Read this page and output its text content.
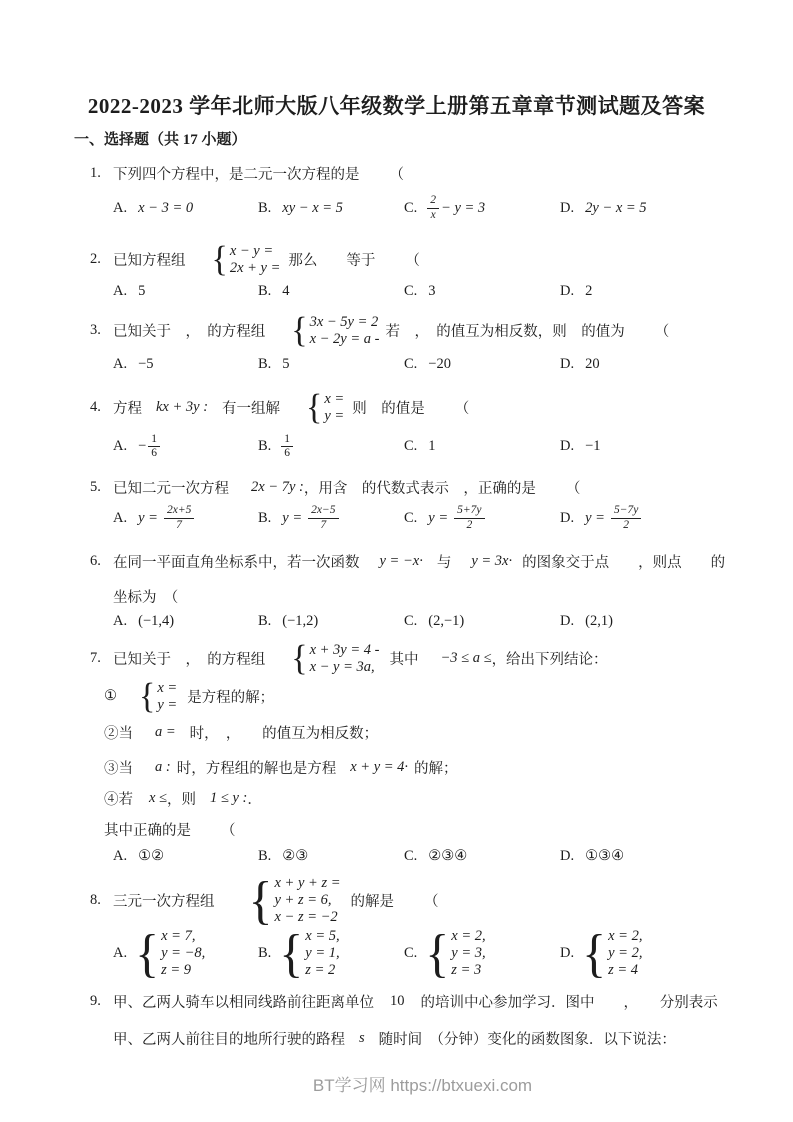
2022-2023 学年北师大版八年级数学上册第五章章节测试题及答案
一、选择题（共 17 小题）
1. 下列四个方程中，是二元一次方程的是 （
A. x − 3 = 0	B. xy − x = 5	C. $\frac{2}{x} - y = 3$	D. 2y − x = 5
2. 已知方程组 { x − y =
2x + y = 那么　　等于 （
A. 5	B. 4	C. 3	D. 2
3. 已知关于　，　的方程组 { 3x − 5y = 2
x − 2y = a - 若　，　的值互为相反数，则　的值为 （
A. −5	B. 5	C. −20	D. 20
4. 方程 kx + 3y : 有一组解 { x =
y = 则　的值是 （
A. − $\frac{1}{6}$	B. $\frac{1}{6}$	C. 1	D. −1
5. 已知二元一次方程 2x − 7y : ，用含　的代数式表示　，正确的是 （
A. $y = \frac{2x+5}{7}$	B. $y = \frac{2x-5}{7}$	C. $y = \frac{5+7y}{2}$	D. $y = \frac{5-7y}{2}$
6. 在同一平面直角坐标系中，若一次函数 y = −x· 与 y = 3x· 的图象交于点　　，则点　　的
坐标为　（
A. (−1,4)	B. (−1,2)	C. (2,−1)	D. (2,1)
7. 已知关于　，　的方程组 { x + 3y = 4 -
x − y = 3a,	其中 −3 ≤ a ≤ ，给出下列结论：
① { x =
y = 是方程的解；
②当 a = 时，　，　　的值互为相反数；
③当 a : 时，方程组的解也是方程 x + y = 4· 的解；
④若 x ≤ ，则 1 ≤ y : ．
其中正确的是 （
A. ①②	B. ②③	C. ②③④	D. ①③④
8. 三元一次方程组 { x + y + z =
y + z = 6,
x − z = −2
的解是 （
A. { x = 7,
y = −8,
z = 9
B. { x = 5,
y = 1,
z = 2
C. { x = 2,
y = 3,
z = 3
D. { x = 2,
y = 2,
z = 4
9. 甲、乙两人骑车以相同线路前往距离单位 10 的培训中心参加学习．图中　　，　　分别表示
甲、乙两人前往目的地所行驶的路程 s 随时间　（分钟）变化的函数图象．以下说法：
BT学习网 https://btxuexi.com
